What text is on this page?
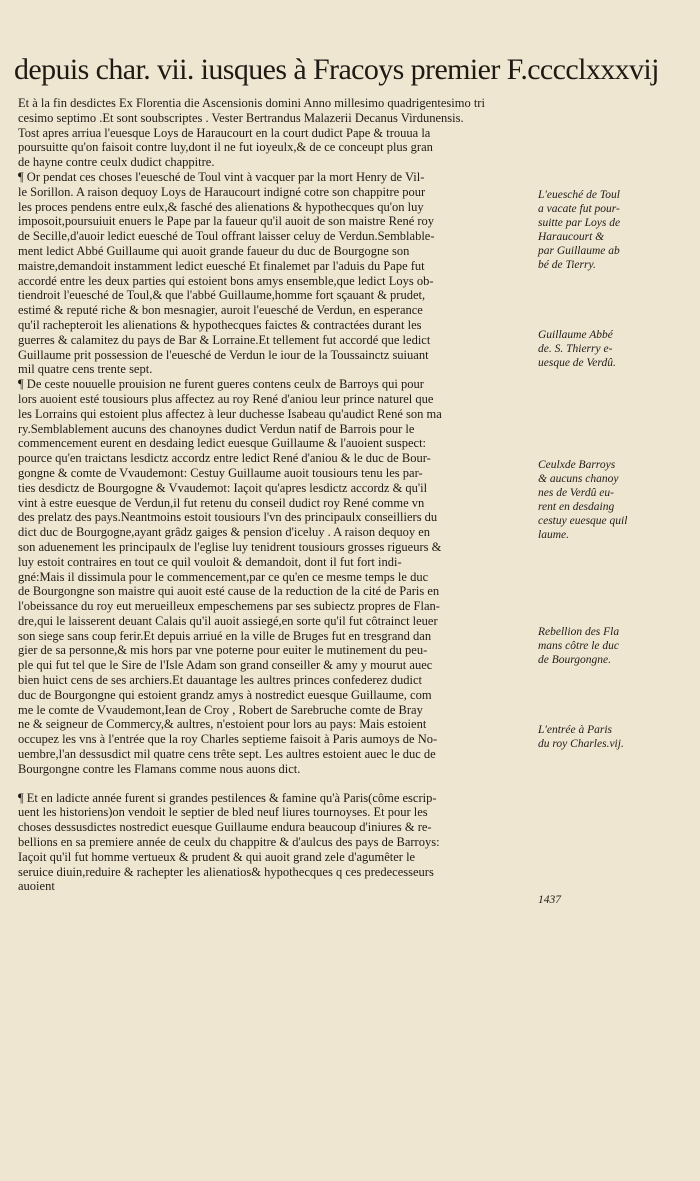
depuis char. vii. iusques à Fracoys premier F.cccclxxxvij

Et à la fin desdictes Ex Florentia die Ascensionis domini Anno millesimo quadrigentesimo tri
cesimo septimo .Et sont soubscriptes . Vester Bertrandus Malazerii Decanus Virdunensis.
Tost apres arriua l'euesque Loys de Haraucourt en la court dudict Pape & trouua la
poursuitte qu'on faisoit contre luy,dont il ne fut ioyeulx,& de ce conceupt plus gran
de hayne contre ceulx dudict chappitre.

¶ Or pendat ces choses l'euesché de Toul vint à vacquer par la mort Henry de Vil-
le Sorillon. A raison dequoy Loys de Haraucourt indigné cotre son chappitre pour
les proces pendens entre eulx,& fasché des alienations & hypothecques qu'on luy
imposoit,poursuiuit enuers le Pape par la faueur qu'il auoit de son maistre René roy
de Secille,d'auoir ledict euesché de Toul offrant laisser celuy de Verdun.Semblable-
ment ledict Abbé Guillaume qui auoit grande faueur du duc de Bourgogne son
maistre,demandoit instamment ledict euesché Et finalemet par l'aduis du Pape fut
accordé entre les deux parties qui estoient bons amys ensemble,que ledict Loys ob-
tiendroit l'euesché de Toul,& que l'abbé Guillaume,homme fort sçauant & prudet,
estimé & reputé riche & bon mesnagier, auroit l'euesché de Verdun, en esperance
qu'il rachepteroit les alienations & hypothecques faictes & contractées durant les
guerres & calamitez du pays de Bar & Lorraine.Et tellement fut accordé que ledict
Guillaume prit possession de l'euesché de Verdun le iour de la Toussainctz suiuant
mil quatre cens trente sept.

¶ De ceste nouuelle prouision ne furent gueres contens ceulx de Barroys qui pour
lors auoient esté tousiours plus affectez au roy René d'aniou leur prince naturel que
les Lorrains qui estoient plus affectez à leur duchesse Isabeau qu'audict René son ma
ry.Semblablement aucuns des chanoynes dudict Verdun natif de Barrois pour le
commencement eurent en desdaing ledict euesque Guillaume & l'auoient suspect:
pource qu'en traictans lesdictz accordz entre ledict René d'aniou & le duc de Bour-
gongne & comte de Vvaudemont: Cestuy Guillaume auoit tousiours tenu les par-
ties desdictz de Bourgogne & Vvaudemot: Iaçoit qu'apres lesdictz accordz & qu'il
vint à estre euesque de Verdun,il fut retenu du conseil dudict roy René comme vn
des prelatz des pays.Neantmoins estoit tousiours l'vn des principaulx conseilliers du
dict duc de Bourgogne,ayant grâdz gaiges & pension d'iceluy . A raison dequoy en
son aduenement les principaulx de l'eglise luy tenidrent tousiours grosses rigueurs &
luy estoit contraires en tout ce quil vouloit & demandoit, dont il fut fort indi-
gné:Mais il dissimula pour le commencement,par ce qu'en ce mesme temps le duc
de Bourgongne son maistre qui auoit esté cause de la reduction de la cité de Paris en
l'obeissance du roy eut merueilleux empeschemens par ses subiectz propres de Flan-
dre,qui le laisserent deuant Calais qu'il auoit assiegé,en sorte qu'il fut côtrainct leuer
son siege sans coup ferir.Et depuis arriué en la ville de Bruges fut en tresgrand dan
gier de sa personne,& mis hors par vne poterne pour euiter le mutinement du peu-
ple qui fut tel que le Sire de l'Isle Adam son grand conseiller & amy y mourut auec
bien huict cens de ses archiers.Et dauantage les aultres princes confederez dudict
duc de Bourgongne qui estoient grandz amys à nostredict euesque Guillaume, com
me le comte de Vvaudemont,Iean de Croy , Robert de Sarebruche comte de Bray
ne & seigneur de Commercy,& aultres, n'estoient pour lors au pays: Mais estoient
occupez les vns à l'entrée que la roy Charles septieme faisoit à Paris aumoys de No-
uembre,l'an dessusdict mil quatre cens trête sept. Les aultres estoient auec le duc de
Bourgongne contre les Flamans comme nous auons dict.

¶ Et en ladicte année furent si grandes pestilences & famine qu'à Paris(côme escrip-
uent les historiens)on vendoit le septier de bled neuf liures tournoyses. Et pour les
choses dessusdictes nostredict euesque Guillaume endura beaucoup d'iniures & re-
bellions en sa premiere année de ceulx du chappitre & d'aulcus des pays de Barroys:
Iaçoit qu'il fut homme vertueux & prudent & qui auoit grand zele d'agumêter le
seruice diuin,reduire & rachepter les alienatios& hypothecques q ces predecesseurs
auoient

L'euesché de Toul
a vacate fut pour-
suitte par Loys de
Haraucourt &
par Guillaume ab
bé de Tierry.
Guillaume Abbé
de. S. Thierry e-
uesque de Verdû.
Ceulxde Barroys
& aucuns chanoy
nes de Verdû eu-
rent en desdaing
cestuy euesque quil
laume.
Rebellion des Fla
mans côtre le duc
de Bourgongne.
L'entrée à Paris
du roy Charles.vij.
1437
